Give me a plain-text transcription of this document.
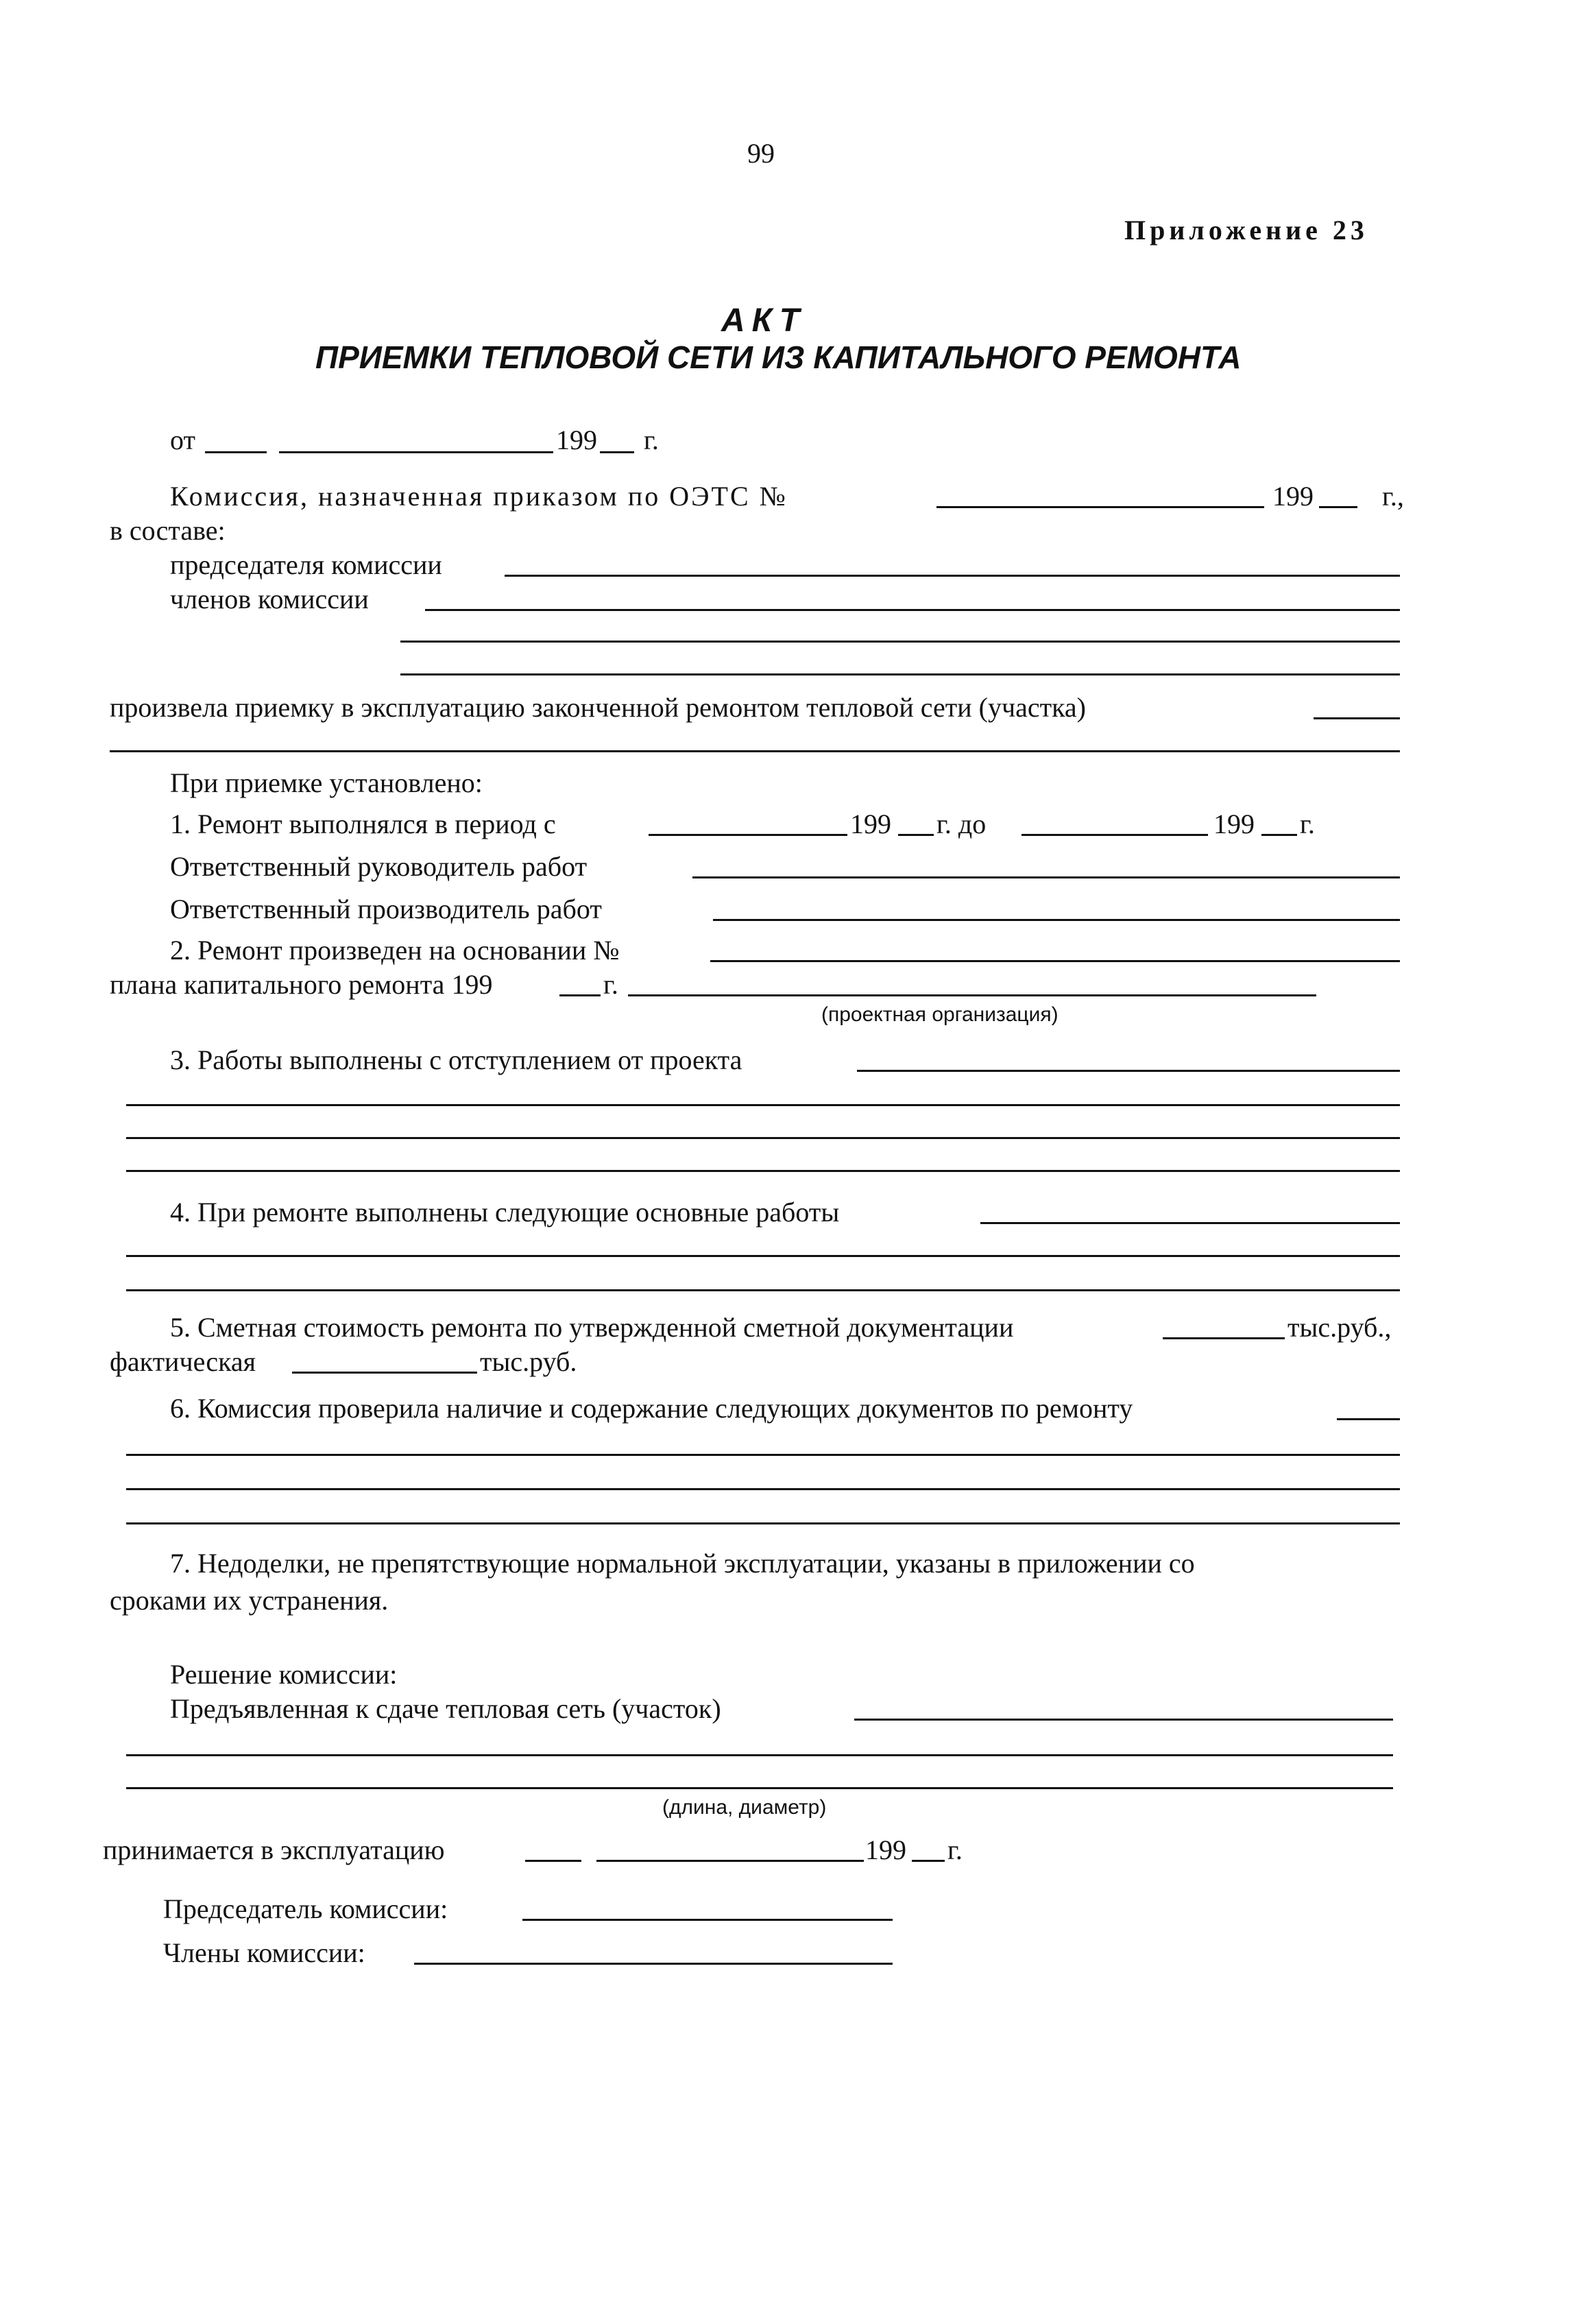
99
Приложение 23
АКТ
ПРИЕМКИ ТЕПЛОВОЙ СЕТИ ИЗ КАПИТАЛЬНОГО РЕМОНТА
от	199 г.
Комиссия, назначенная приказом по ОЭТС №	199	г.,
в составе:
председателя комиссии
членов комиссии
произвела приемку в эксплуатацию законченной ремонтом тепловой сети (участка)
При приемке установлено:
1. Ремонт выполнялся в период с	199 г. до	199 г.
Ответственный руководитель работ
Ответственный производитель работ
2. Ремонт произведен на основании №
плана капитального ремонта 199	г.
(проектная организация)
3. Работы выполнены с отступлением от проекта
4. При ремонте выполнены следующие основные работы
5. Сметная стоимость ремонта по утвержденной сметной документации	тыс.руб.,
фактическая	тыс.руб.
6. Комиссия проверила наличие и содержание следующих документов по ремонту
7. Недоделки, не препятствующие нормальной эксплуатации, указаны в приложении со
сроками их устранения.
Решение комиссии:
Предъявленная к сдаче тепловая сеть (участок)
(длина, диаметр)
принимается в эксплуатацию	199 г.
Председатель комиссии:
Члены комиссии:
